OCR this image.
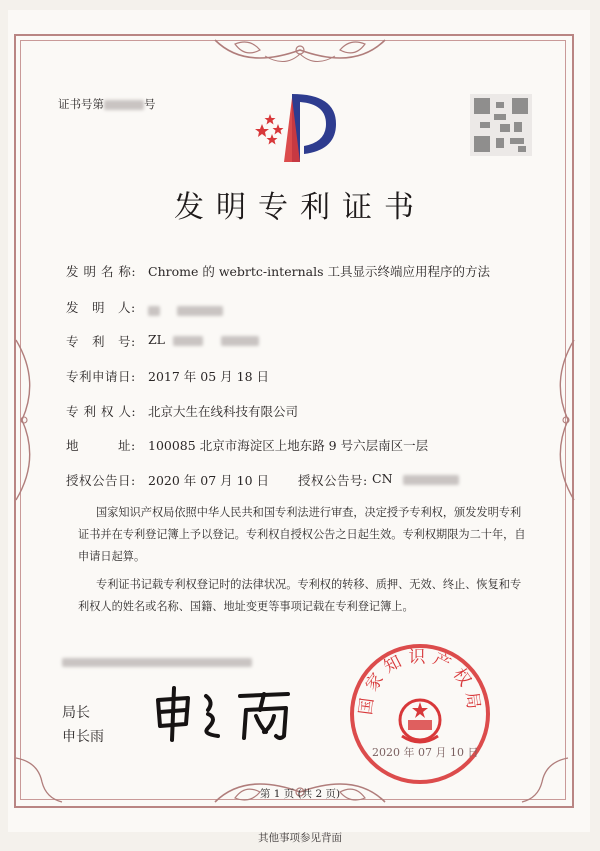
证书号第	号
发明专利证书
发 明 名 称: Chrome 的 webrtc-internals 工具显示终端应用程序的方法
发　明　人:

专　利　号: ZL
专利申请日: 2017 年 05 月 18 日
专 利 权 人: 北京大生在线科技有限公司
地　　　址: 100085 北京市海淀区上地东路 9 号六层南区一层
授权公告日: 2020 年 07 月 10 日 授权公告号: CN
国家知识产权局依照中华人民共和国专利法进行审查，决定授予专利权，颁发发明专利
证书并在专利登记簿上予以登记。专利权自授权公告之日起生效。专利权期限为二十年，自
申请日起算。
专利证书记载专利权登记时的法律状况。专利权的转移、质押、无效、终止、恢复和专
利权人的姓名或名称、国籍、地址变更等事项记载在专利登记簿上。
局长
申长雨
国家知识产权局
2020 年 07 月 10 日
第 1 页 (共 2 页)
其他事项参见背面
